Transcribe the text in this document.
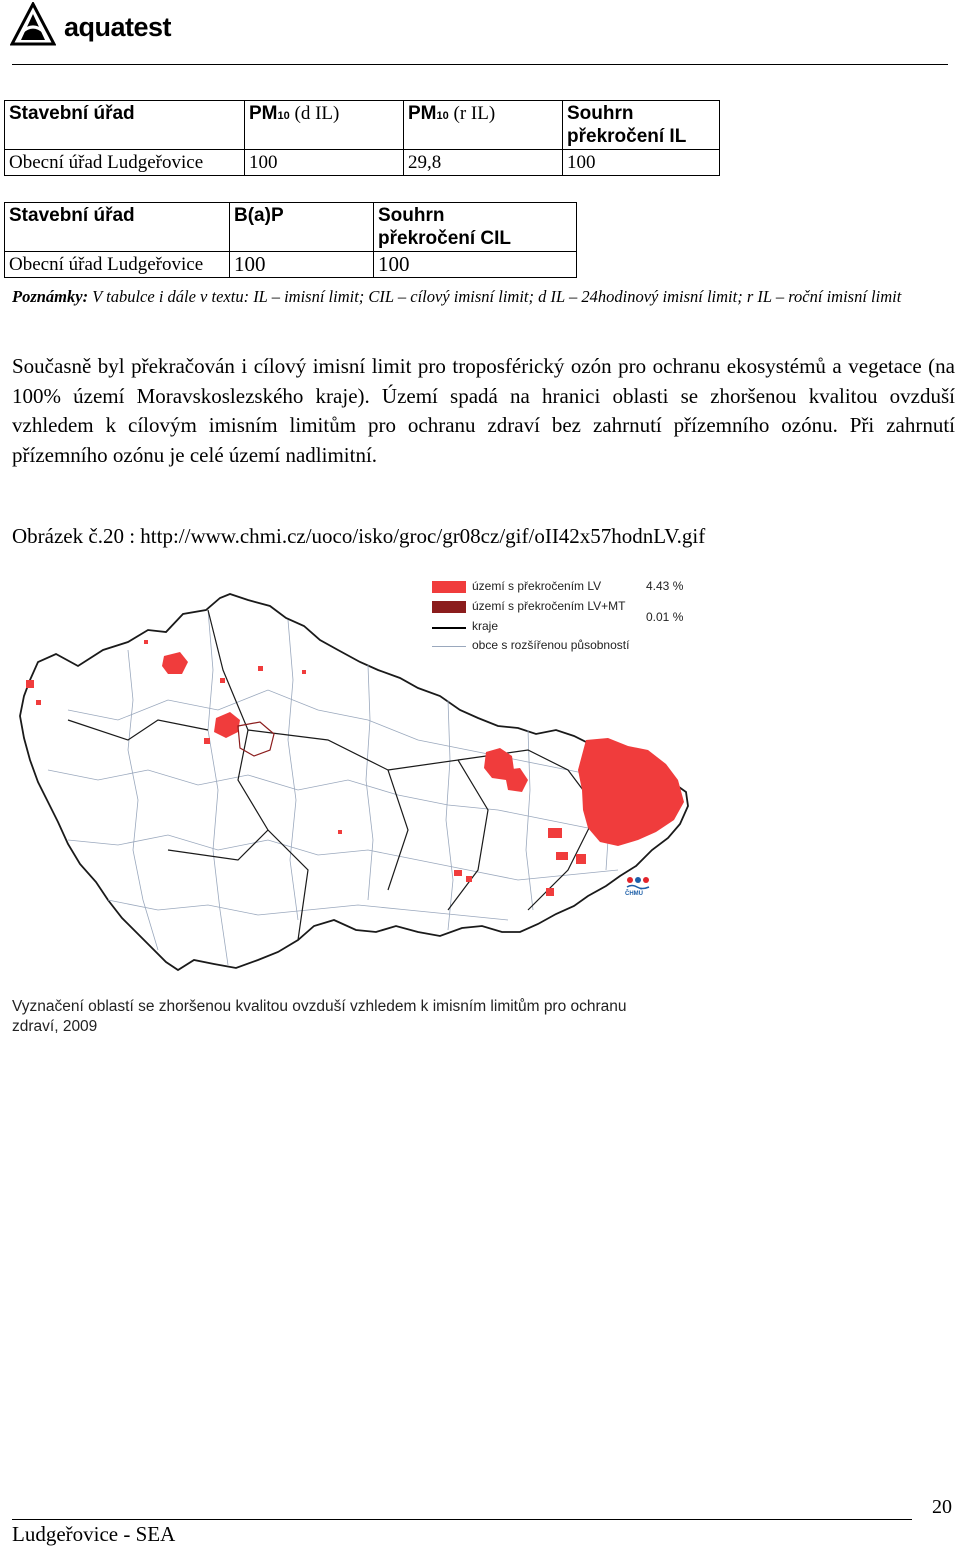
aquatest
Stavební úřad	PM10 (d IL)	PM10 (r IL)	Souhrn
překročení IL
Obecní úřad Ludgeřovice	100	29,8	100
Stavební úřad	B(a)P	Souhrn
překročení CIL
Obecní úřad Ludgeřovice	100	100
Poznámky: V tabulce i dále v textu: IL – imisní limit; CIL – cílový imisní limit; d IL – 24hodinový imisní limit; r IL – roční imisní limit
Současně byl překračován i cílový imisní limit pro troposférický ozón pro ochranu ekosystémů a vegetace (na 100% území Moravskoslezského kraje). Území spadá na hranici oblasti se zhoršenou kvalitou ovzduší vzhledem k cílovým imisním limitům pro ochranu zdraví bez zahrnutí přízemního ozónu. Při zahrnutí přízemního ozónu je celé území nadlimitní.
Obrázek č.20 : http://www.chmi.cz/uoco/isko/groc/gr08cz/gif/oII42x57hodnLV.gif
území s překročením LV	4.43 %
území s překročením LV+MT
0.01 %
kraje
obce s rozšířenou působností
ČHMÚ
Vyznačení oblastí se zhoršenou kvalitou ovzduší vzhledem k imisním limitům pro ochranu zdraví, 2009
20
Ludgeřovice - SEA
